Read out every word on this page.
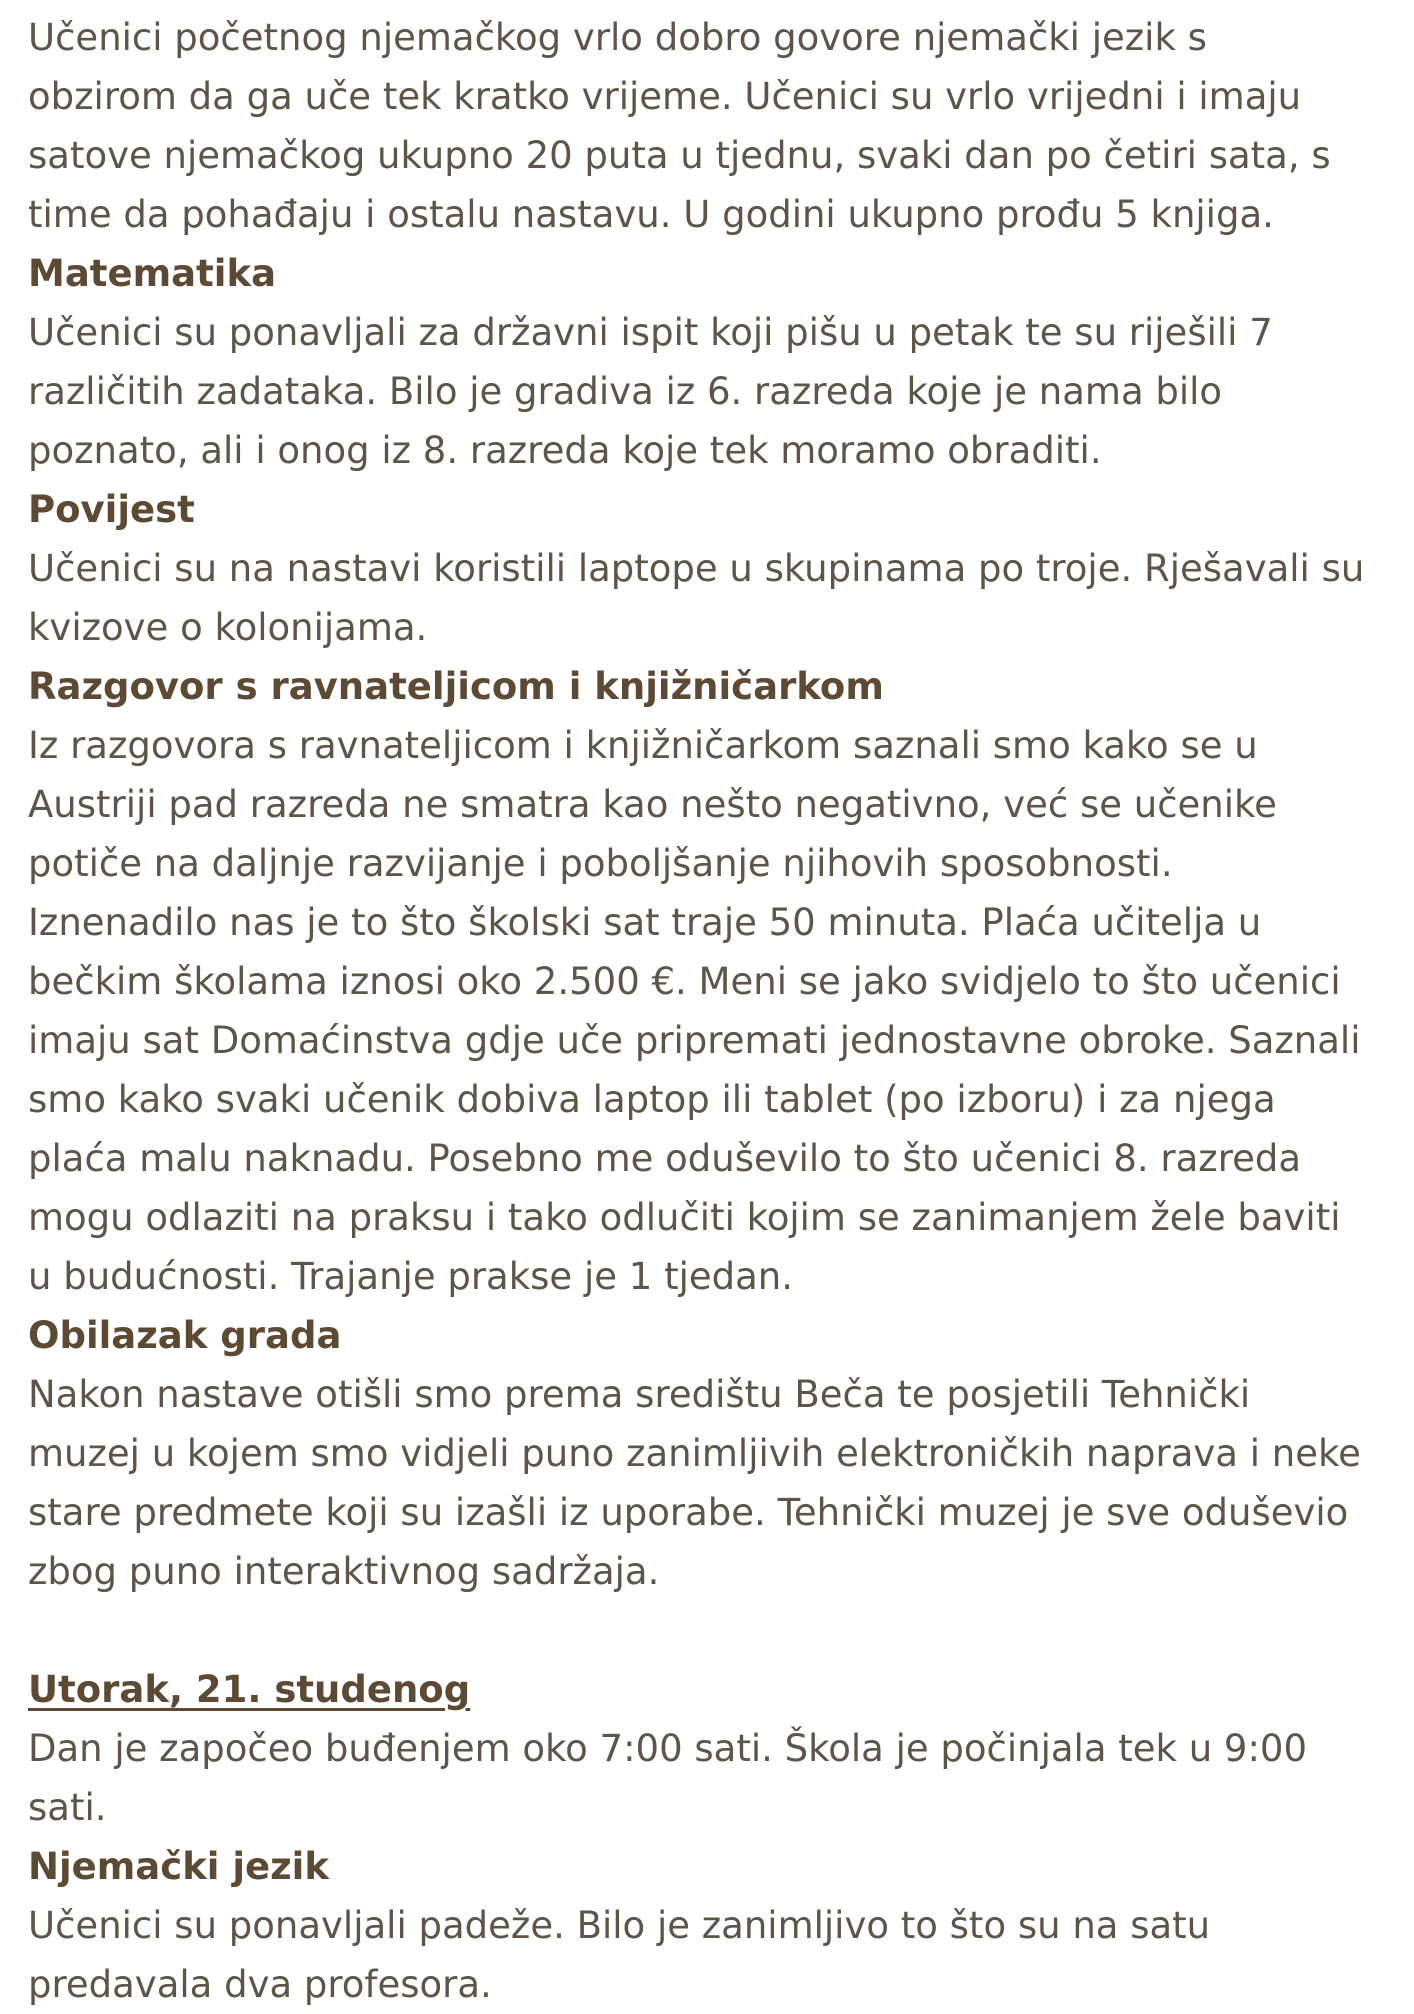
Učenici početnog njemačkog vrlo dobro govore njemački jezik s

obzirom da ga uče tek kratko vrijeme. Učenici su vrlo vrijedni i imaju

satove njemačkog ukupno 20 puta u tjednu, svaki dan po četiri sata, s

time da pohađaju i ostalu nastavu. U godini ukupno prođu 5 knjiga.

Matematika

Učenici su ponavljali za državni ispit koji pišu u petak te su riješili 7

različitih zadataka. Bilo je gradiva iz 6. razreda koje je nama bilo

poznato, ali i onog iz 8. razreda koje tek moramo obraditi.

Povijest

Učenici su na nastavi koristili laptope u skupinama po troje. Rješavali su

kvizove o kolonijama.

Razgovor s ravnateljicom i knjižničarkom

Iz razgovora s ravnateljicom i knjižničarkom saznali smo kako se u

Austriji pad razreda ne smatra kao nešto negativno, već se učenike

potiče na daljnje razvijanje i poboljšanje njihovih sposobnosti.

Iznenadilo nas je to što školski sat traje 50 minuta. Plaća učitelja u

bečkim školama iznosi oko 2.500 €. Meni se jako svidjelo to što učenici

imaju sat Domaćinstva gdje uče pripremati jednostavne obroke. Saznali

smo kako svaki učenik dobiva laptop ili tablet (po izboru) i za njega

plaća malu naknadu. Posebno me oduševilo to što učenici 8. razreda

mogu odlaziti na praksu i tako odlučiti kojim se zanimanjem žele baviti

u budućnosti. Trajanje prakse je 1 tjedan.

Obilazak grada

Nakon nastave otišli smo prema središtu Beča te posjetili Tehnički

muzej u kojem smo vidjeli puno zanimljivih elektroničkih naprava i neke

stare predmete koji su izašli iz uporabe. Tehnički muzej je sve oduševio

zbog puno interaktivnog sadržaja.

Utorak, 21. studenog

Dan je započeo buđenjem oko 7:00 sati. Škola je počinjala tek u 9:00

sati.

Njemački jezik

Učenici su ponavljali padeže. Bilo je zanimljivo to što su na satu

predavala dva profesora.
